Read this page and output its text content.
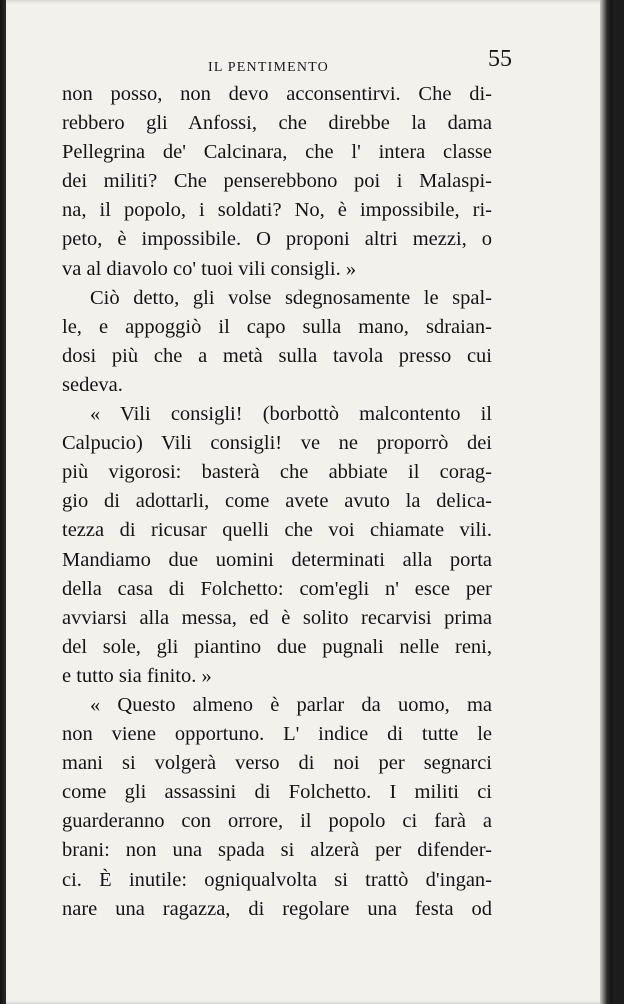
IL PENTIMENTO	55
non posso, non devo acconsentirvi. Che di-
rebbero gli Anfossi, che direbbe la dama
Pellegrina de' Calcinara, che l' intera classe
dei militi? Che penserebbono poi i Malaspi-
na, il popolo, i soldati? No, è impossibile, ri-
peto, è impossibile. O proponi altri mezzi, o
va al diavolo co' tuoi vili consigli. »
Ciò detto, gli volse sdegnosamente le spal-
le, e appoggiò il capo sulla mano, sdraian-
dosi più che a metà sulla tavola presso cui
sedeva.
« Vili consigli! (borbottò malcontento il
Calpucio) Vili consigli! ve ne proporrò dei
più vigorosi: basterà che abbiate il corag-
gio di adottarli, come avete avuto la delica-
tezza di ricusar quelli che voi chiamate vili.
Mandiamo due uomini determinati alla porta
della casa di Folchetto: com'egli n' esce per
avviarsi alla messa, ed è solito recarvisi prima
del sole, gli piantino due pugnali nelle reni,
e tutto sia finito. »
« Questo almeno è parlar da uomo, ma
non viene opportuno. L' indice di tutte le
mani si volgerà verso di noi per segnarci
come gli assassini di Folchetto. I militi ci
guarderanno con orrore, il popolo ci farà a
brani: non una spada si alzerà per difender-
ci. È inutile: ogniqualvolta si trattò d'ingan-
nare una ragazza, di regolare una festa od
